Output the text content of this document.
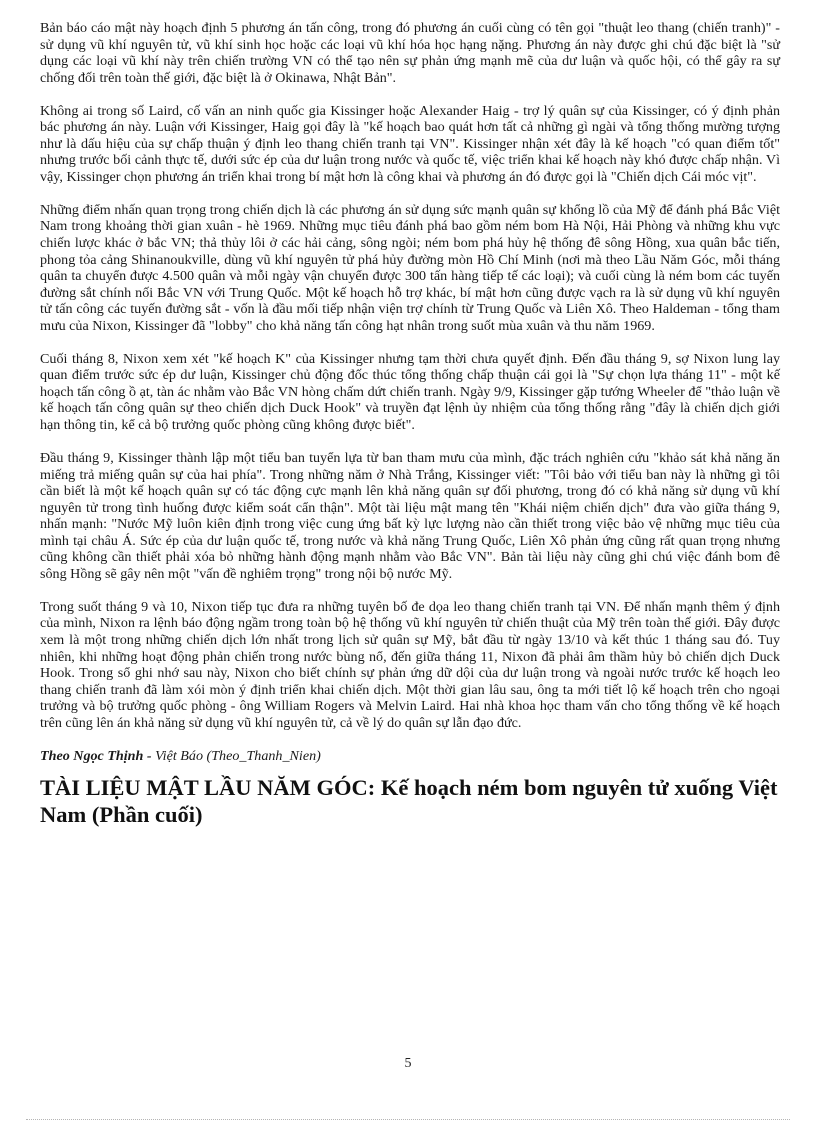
Bản báo cáo mật này hoạch định 5 phương án tấn công, trong đó phương án cuối cùng có tên gọi "thuật leo thang (chiến tranh)" - sử dụng vũ khí nguyên tử, vũ khí sinh học hoặc các loại vũ khí hóa học hạng nặng. Phương án này được ghi chú đặc biệt là "sử dụng các loại vũ khí này trên chiến trường VN có thể tạo nên sự phản ứng mạnh mẽ của dư luận và quốc hội, có thể gây ra sự chống đối trên toàn thế giới, đặc biệt là ở Okinawa, Nhật Bản".

Không ai trong số Laird, cố vấn an ninh quốc gia Kissinger hoặc Alexander Haig - trợ lý quân sự của Kissinger, có ý định phản bác phương án này. Luận với Kissinger, Haig gọi đây là "kế hoạch bao quát hơn tất cả những gì ngài và tổng thống mường tượng như là dấu hiệu của sự chấp thuận ý định leo thang chiến tranh tại VN". Kissinger nhận xét đây là kế hoạch "có quan điểm tốt" nhưng trước bối cảnh thực tế, dưới sức ép của dư luận trong nước và quốc tế, việc triển khai kế hoạch này khó được chấp nhận. Vì vậy, Kissinger chọn phương án triển khai trong bí mật hơn là công khai và phương án đó được gọi là "Chiến dịch Cái móc vịt".

Những điểm nhấn quan trọng trong chiến dịch là các phương án sử dụng sức mạnh quân sự khổng lồ của Mỹ để đánh phá Bắc Việt Nam trong khoảng thời gian xuân - hè 1969. Những mục tiêu đánh phá bao gồm ném bom Hà Nội, Hải Phòng và những khu vực chiến lược khác ở bắc VN; thả thủy lôi ở các hải cảng, sông ngòi; ném bom phá hủy hệ thống đê sông Hồng, xua quân bắc tiến, phong tỏa cảng Shinanoukville, dùng vũ khí nguyên tử phá hủy đường mòn Hồ Chí Minh (nơi mà theo Lầu Năm Góc, mỗi tháng quân ta chuyển được 4.500 quân và mỗi ngày vận chuyển được 300 tấn hàng tiếp tế các loại); và cuối cùng là ném bom các tuyến đường sắt chính nối Bắc VN với Trung Quốc. Một kế hoạch hỗ trợ khác, bí mật hơn cũng được vạch ra là sử dụng vũ khí nguyên tử tấn công các tuyến đường sắt - vốn là đầu mối tiếp nhận viện trợ chính từ Trung Quốc và Liên Xô. Theo Haldeman - tổng tham mưu của Nixon, Kissinger đã "lobby" cho khả năng tấn công hạt nhân trong suốt mùa xuân và thu năm 1969.

Cuối tháng 8, Nixon xem xét "kế hoạch K" của Kissinger nhưng tạm thời chưa quyết định. Đến đầu tháng 9, sợ Nixon lung lay quan điểm trước sức ép dư luận, Kissinger chủ động đốc thúc tổng thống chấp thuận cái gọi là "Sự chọn lựa tháng 11" - một kế hoạch tấn công ồ ạt, tàn ác nhằm vào Bắc VN hòng chấm dứt chiến tranh. Ngày 9/9, Kissinger gặp tướng Wheeler để "thảo luận về kế hoạch tấn công quân sự theo chiến dịch Duck Hook" và truyền đạt lệnh ủy nhiệm của tổng thống rằng "đây là chiến dịch giới hạn thông tin, kể cả bộ trưởng quốc phòng cũng không được biết".

Đầu tháng 9, Kissinger thành lập một tiểu ban tuyển lựa từ ban tham mưu của mình, đặc trách nghiên cứu "khảo sát khả năng ăn miếng trả miếng quân sự của hai phía". Trong những năm ở Nhà Trắng, Kissinger viết: "Tôi bảo với tiểu ban này là những gì tôi cần biết là một kế hoạch quân sự có tác động cực mạnh lên khả năng quân sự đối phương, trong đó có khả năng sử dụng vũ khí nguyên tử trong tình huống được kiểm soát cẩn thận". Một tài liệu mật mang tên "Khái niệm chiến dịch" đưa vào giữa tháng 9, nhấn mạnh: "Nước Mỹ luôn kiên định trong việc cung ứng bất kỳ lực lượng nào cần thiết trong việc bảo vệ những mục tiêu của mình tại châu Á. Sức ép của dư luận quốc tế, trong nước và khả năng Trung Quốc, Liên Xô phản ứng cũng rất quan trọng nhưng cũng không cần thiết phải xóa bỏ những hành động mạnh nhằm vào Bắc VN". Bản tài liệu này cũng ghi chú việc đánh bom đê sông Hồng sẽ gây nên một "vấn đề nghiêm trọng" trong nội bộ nước Mỹ.

Trong suốt tháng 9 và 10, Nixon tiếp tục đưa ra những tuyên bố đe dọa leo thang chiến tranh tại VN. Để nhấn mạnh thêm ý định của mình, Nixon ra lệnh báo động ngầm trong toàn bộ hệ thống vũ khí nguyên tử chiến thuật của Mỹ trên toàn thế giới. Đây được xem là một trong những chiến dịch lớn nhất trong lịch sử quân sự Mỹ, bắt đầu từ ngày 13/10 và kết thúc 1 tháng sau đó. Tuy nhiên, khi những hoạt động phản chiến trong nước bùng nổ, đến giữa tháng 11, Nixon đã phải âm thầm hủy bỏ chiến dịch Duck Hook. Trong sổ ghi nhớ sau này, Nixon cho biết chính sự phản ứng dữ dội của dư luận trong và ngoài nước trước kế hoạch leo thang chiến tranh đã làm xói mòn ý định triển khai chiến dịch. Một thời gian lâu sau, ông ta mới tiết lộ kế hoạch trên cho ngoại trưởng và bộ trưởng quốc phòng - ông William Rogers và Melvin Laird. Hai nhà khoa học tham vấn cho tổng thống về kế hoạch trên cũng lên án khả năng sử dụng vũ khí nguyên tử, cả về lý do quân sự lẫn đạo đức.

Theo Ngọc Thịnh - Việt Báo (Theo_Thanh_Nien)

TÀI LIỆU MẬT LẦU NĂM GÓC: Kế hoạch ném bom nguyên tử xuống Việt Nam (Phần cuối)
5
